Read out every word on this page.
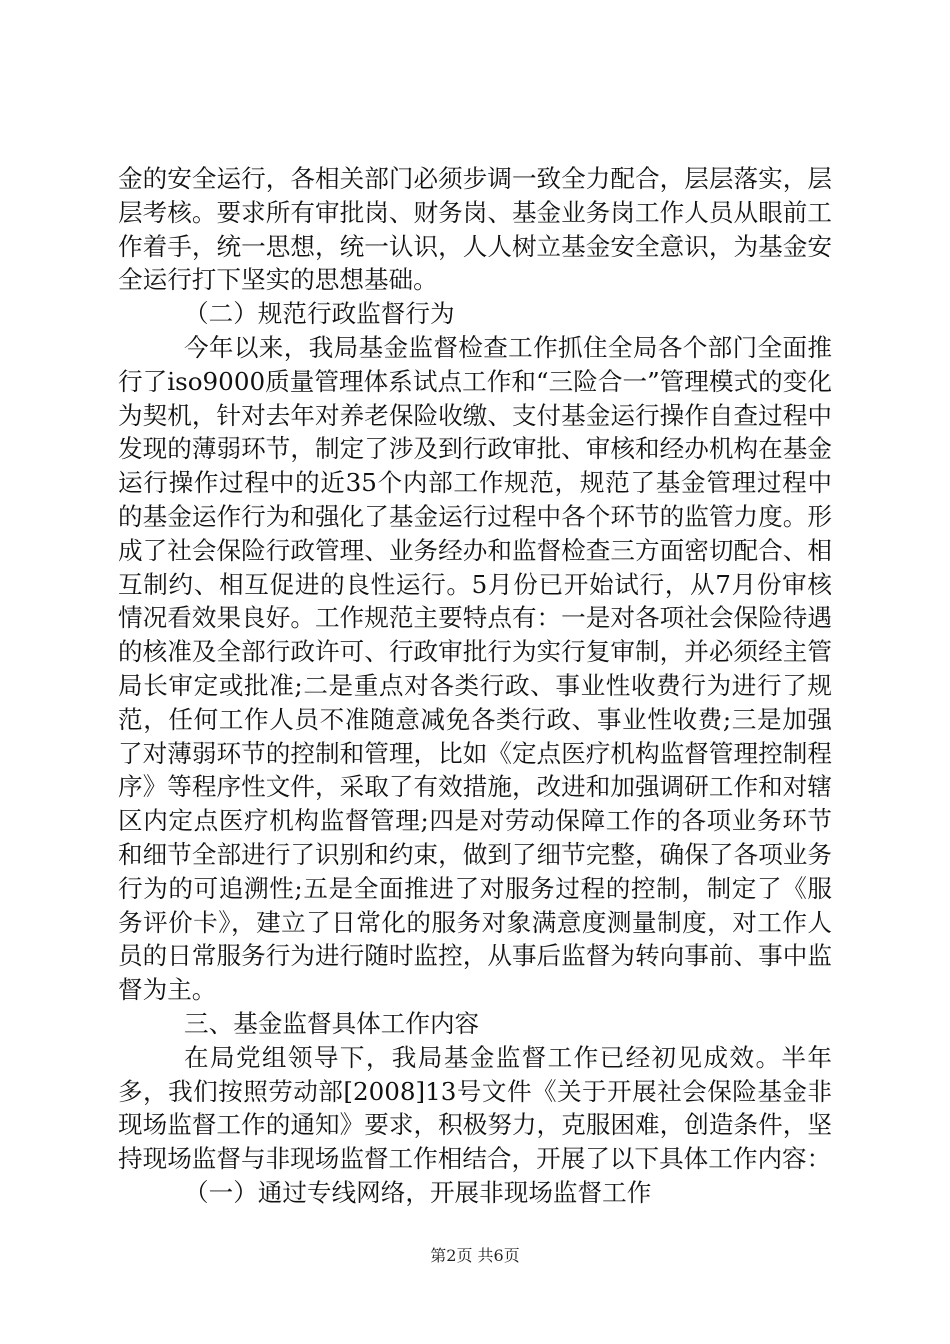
金的安全运行，各相关部门必须步调一致全力配合，层层落实，层层考核。要求所有审批岗、财务岗、基金业务岗工作人员从眼前工作着手，统一思想，统一认识，人人树立基金安全意识，为基金安全运行打下坚实的思想基础。

（二）规范行政监督行为

今年以来，我局基金监督检查工作抓住全局各个部门全面推行了iso9000质量管理体系试点工作和“三险合一”管理模式的变化为契机，针对去年对养老保险收缴、支付基金运行操作自查过程中发现的薄弱环节，制定了涉及到行政审批、审核和经办机构在基金运行操作过程中的近35个内部工作规范，规范了基金管理过程中的基金运作行为和强化了基金运行过程中各个环节的监管力度。形成了社会保险行政管理、业务经办和监督检查三方面密切配合、相互制约、相互促进的良性运行。5月份已开始试行，从7月份审核情况看效果良好。工作规范主要特点有：一是对各项社会保险待遇的核准及全部行政许可、行政审批行为实行复审制，并必须经主管局长审定或批准;二是重点对各类行政、事业性收费行为进行了规范，任何工作人员不准随意减免各类行政、事业性收费;三是加强了对薄弱环节的控制和管理，比如《定点医疗机构监督管理控制程序》等程序性文件，采取了有效措施，改进和加强调研工作和对辖区内定点医疗机构监督管理;四是对劳动保障工作的各项业务环节和细节全部进行了识别和约束，做到了细节完整，确保了各项业务行为的可追溯性;五是全面推进了对服务过程的控制，制定了《服务评价卡》，建立了日常化的服务对象满意度测量制度，对工作人员的日常服务行为进行随时监控，从事后监督为转向事前、事中监督为主。

三、基金监督具体工作内容

在局党组领导下，我局基金监督工作已经初见成效。半年多，我们按照劳动部[2008]13号文件《关于开展社会保险基金非现场监督工作的通知》要求，积极努力，克服困难，创造条件，坚持现场监督与非现场监督工作相结合，开展了以下具体工作内容：

（一）通过专线网络，开展非现场监督工作

第2页 共6页
